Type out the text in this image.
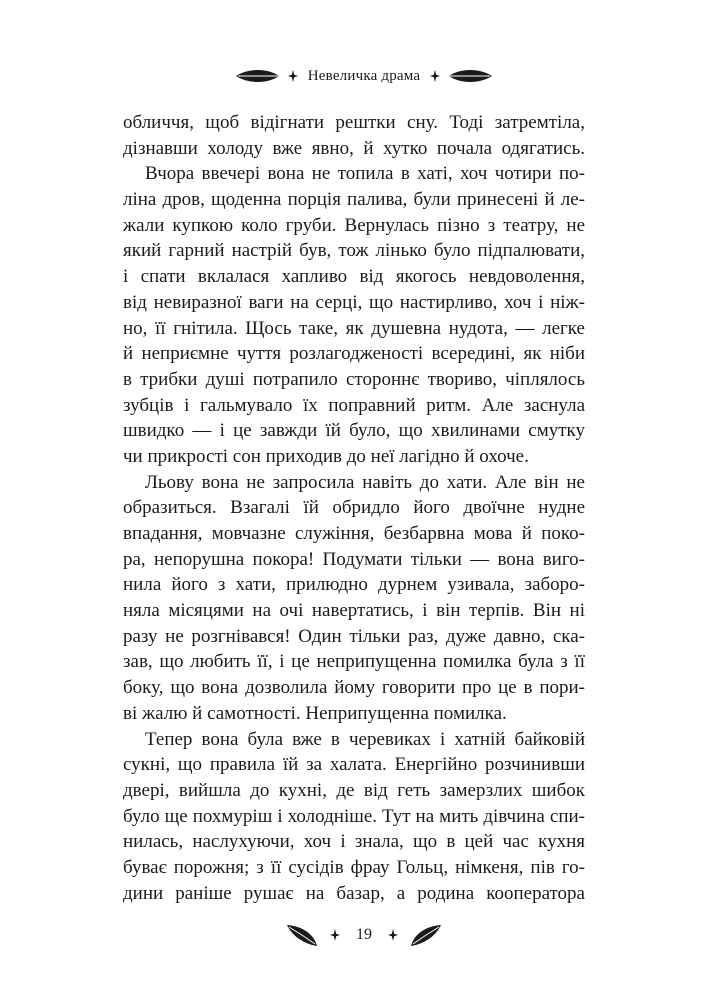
Невеличка драма
обличчя, щоб відігнати рештки сну. Тоді затремтіла,
дізнавши холоду вже явно, й хутко почала одягатись.
Вчора ввечері вона не топила в хаті, хоч чотири по-
ліна дров, щоденна порція палива, були принесені й ле-
жали купкою коло груби. Вернулась пізно з театру, не
який гарний настрій був, тож лінько було підпалювати,
і спати вклалася хапливо від якогось невдоволення,
від невиразної ваги на серці, що настирливо, хоч і ніж-
но, її гнітила. Щось таке, як душевна нудота, — легке
й неприємне чуття розлагодженості всередині, як ніби
в трибки душі потрапило стороннє твориво, чіплялось
зубців і гальмувало їх поправний ритм. Але заснула
швидко — і це завжди їй було, що хвилинами смутку
чи прикрості сон приходив до неї лагідно й охоче.
Льову вона не запросила навіть до хати. Але він не
образиться. Взагалі їй обридло його двоїчне нудне
впадання, мовчазне служіння, безбарвна мова й поко-
ра, непорушна покора! Подумати тільки — вона виго-
нила його з хати, прилюдно дурнем узивала, заборо-
няла місяцями на очі навертатись, і він терпів. Він ні
разу не розгнівався! Один тільки раз, дуже давно, ска-
зав, що любить її, і це неприпущенна помилка була з її
боку, що вона дозволила йому говорити про це в пори-
ві жалю й самотності. Неприпущенна помилка.
Тепер вона була вже в черевиках і хатній байковій
сукні, що правила їй за халата. Енергійно розчинивши
двері, вийшла до кухні, де від геть замерзлих шибок
було ще похмуріш і холодніше. Тут на мить дівчина спи-
нилась, наслухуючи, хоч і знала, що в цей час кухня
буває порожня; з її сусідів фрау Гольц, німкеня, пів го-
дини раніше рушає на базар, а родина кооператора
19
